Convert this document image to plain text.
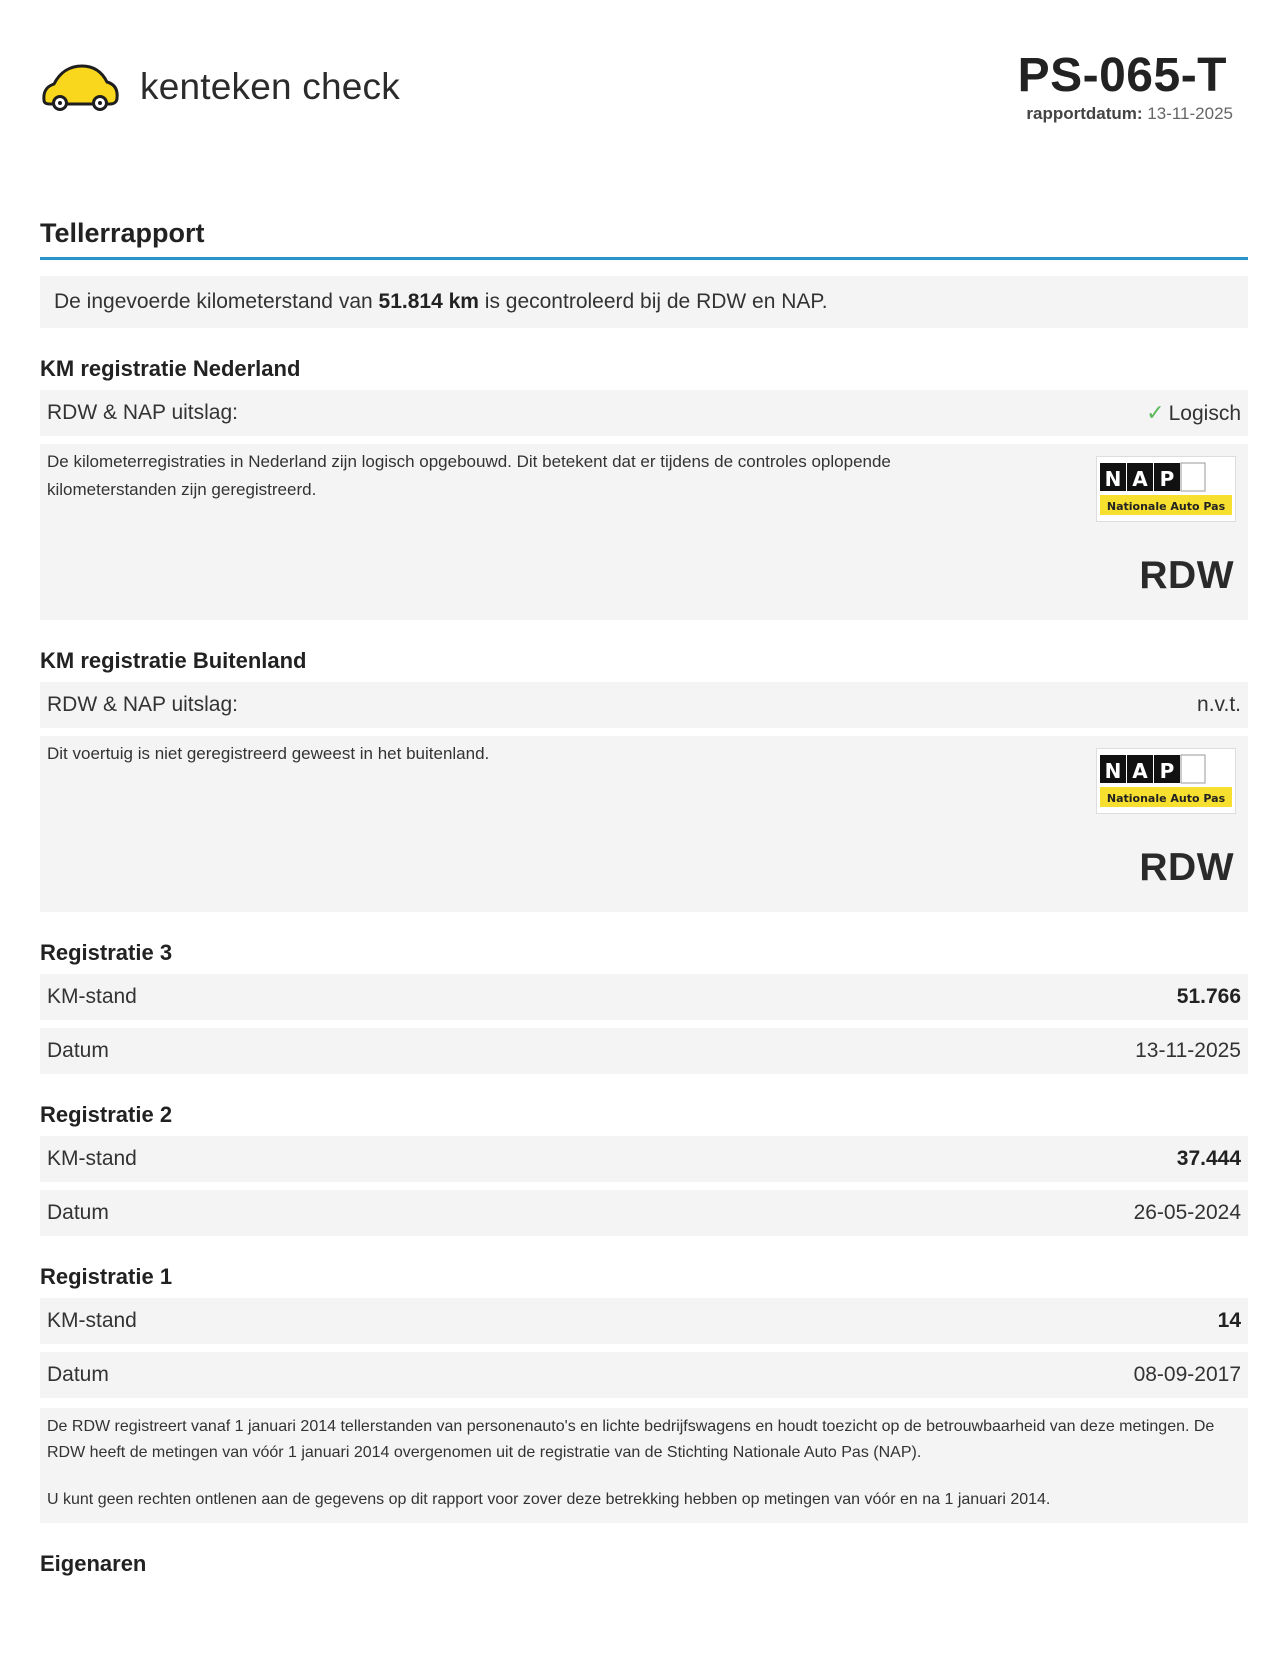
kenteken check	PS-065-T
rapportdatum: 13-11-2025
Tellerrapport
De ingevoerde kilometerstand van 51.814 km is gecontroleerd bij de RDW en NAP.
KM registratie Nederland
RDW & NAP uitslag:	✓ Logisch
De kilometerregistraties in Nederland zijn logisch opgebouwd. Dit betekent dat er tijdens de controles oplopende kilometerstanden zijn geregistreerd.	N A P
Nationale Auto Pas
RDW
KM registratie Buitenland
RDW & NAP uitslag:	n.v.t.
Dit voertuig is niet geregistreerd geweest in het buitenland.
N A P
Nationale Auto Pas
RDW
Registratie 3
KM-stand	51.766
Datum	13-11-2025
Registratie 2
KM-stand	37.444
Datum	26-05-2024
Registratie 1
KM-stand	14
Datum	08-09-2017

De RDW registreert vanaf 1 januari 2014 tellerstanden van personenauto's en lichte bedrijfswagens en houdt toezicht op de betrouwbaarheid van deze metingen. De RDW heeft de metingen van vóór 1 januari 2014 overgenomen uit de registratie van de Stichting Nationale Auto Pas (NAP).

U kunt geen rechten ontlenen aan de gegevens op dit rapport voor zover deze betrekking hebben op metingen van vóór en na 1 januari 2014.

Eigenaren
